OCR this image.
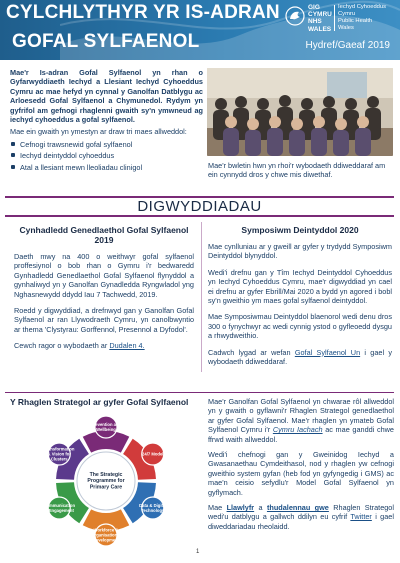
CYLCHLYTHYR YR IS-ADRAN
GOFAL SYLFAENOL	Hydref/Gaeaf 2019
GIG
CYMRU
NHS
WALES
Iechyd Cyhoeddus
Cymru
Public Health
Wales

Mae'r Is-adran Gofal Sylfaenol yn rhan o Gyfarwyddiaeth Iechyd a Llesiant Iechyd Cyhoeddus Cymru ac mae hefyd yn cynnal y Ganolfan Datblygu ac Arloesedd Gofal Sylfaenol a Chymunedol. Rydym yn gyfrifol am gefnogi rhaglenni gwaith sy'n ymwneud ag iechyd cyhoeddus a gofal sylfaenol.

Mae ein gwaith yn ymestyn ar draw tri maes allweddol:

Cefnogi trawsnewid gofal sylfaenol
Iechyd deintyddol cyhoeddus
Atal a llesiant mewn lleoliadau clinigol	Mae'r bwletin hwn yn rhoi'r wybodaeth ddiweddaraf am ein cynnydd dros y chwe mis diwethaf.
DIGWYDDIADAU
Cynhadledd Genedlaethol Gofal Sylfaenol 2019

Daeth mwy na 400 o weithwyr gofal sylfaenol proffesiynol o bob rhan o Gymru i'r bedwaredd Gynhadledd Genedlaethol Gofal Sylfaenol flynyddol a gynhaliwyd yn y Ganolfan Gynadledda Ryngwladol yng Nghasnewydd ddydd Iau 7 Tachwedd, 2019.

Roedd y digwyddiad, a drefnwyd gan y Ganolfan Gofal Sylfaenol ar ran Llywodraeth Cymru, yn canolbwyntio ar thema 'Clystyrau: Gorffennol, Presennol a Dyfodol'.

Cewch ragor o wybodaeth ar Dudalen 4.

Symposiwm Deintyddol 2020

Mae cynlluniau ar y gweill ar gyfer y trydydd Symposiwm Deintyddol blynyddol.

Wedi'i drefnu gan y Tîm Iechyd Deintyddol Cyhoeddus yn Iechyd Cyhoeddus Cymru, mae'r digwyddiad yn cael ei drefnu ar gyfer Ebrill/Mai 2020 a bydd yn agored i bobl sy'n gweithio ym maes gofal sylfaenol deintyddol.

Mae Symposiwmau Deintyddol blaenorol wedi denu dros 300 o fynychwyr ac wedi cynnig ystod o gyfleoedd dysgu a rhwydweithio.

Cadwch lygad ar wefan Gofal Sylfaenol Un i gael y wybodaeth ddiweddaraf.

Y Rhaglen Strategol ar gyfer Gofal Sylfaenol
Prevention and Wellbeing
24/7 Model
Data & Digital Technology
Workforce & Organisational Development
Communication & Engagement
Transformation & Vision for Clusters
The Strategic Programme for Primary Care

Mae'r Ganolfan Gofal Sylfaenol yn chwarae rôl allweddol yn y gwaith o gyflawni'r Rhaglen Strategol genedlaethol ar gyfer Gofal Sylfaenol. Mae'r rhaglen yn ymateb Gofal Sylfaenol Cymru i'r Cymru Iachach ac mae ganddi chwe ffrwd waith allweddol.

Wedi'i chefnogi gan y Gweinidog Iechyd a Gwasanaethau Cymdeithasol, nod y rhaglen yw cefnogi gweithio system gyfan (heb fod yn gyfyngedig i GMS) ac mae'n ceisio sefydlu'r Model Gofal Sylfaenol yn gyflymach.

Mae Llawlyfr a thudalennau gwe Rhaglen Strategol wedi'u datblygu a gallwch ddilyn eu cyfrif Twitter i gael diweddariadau rheolaidd.

1
